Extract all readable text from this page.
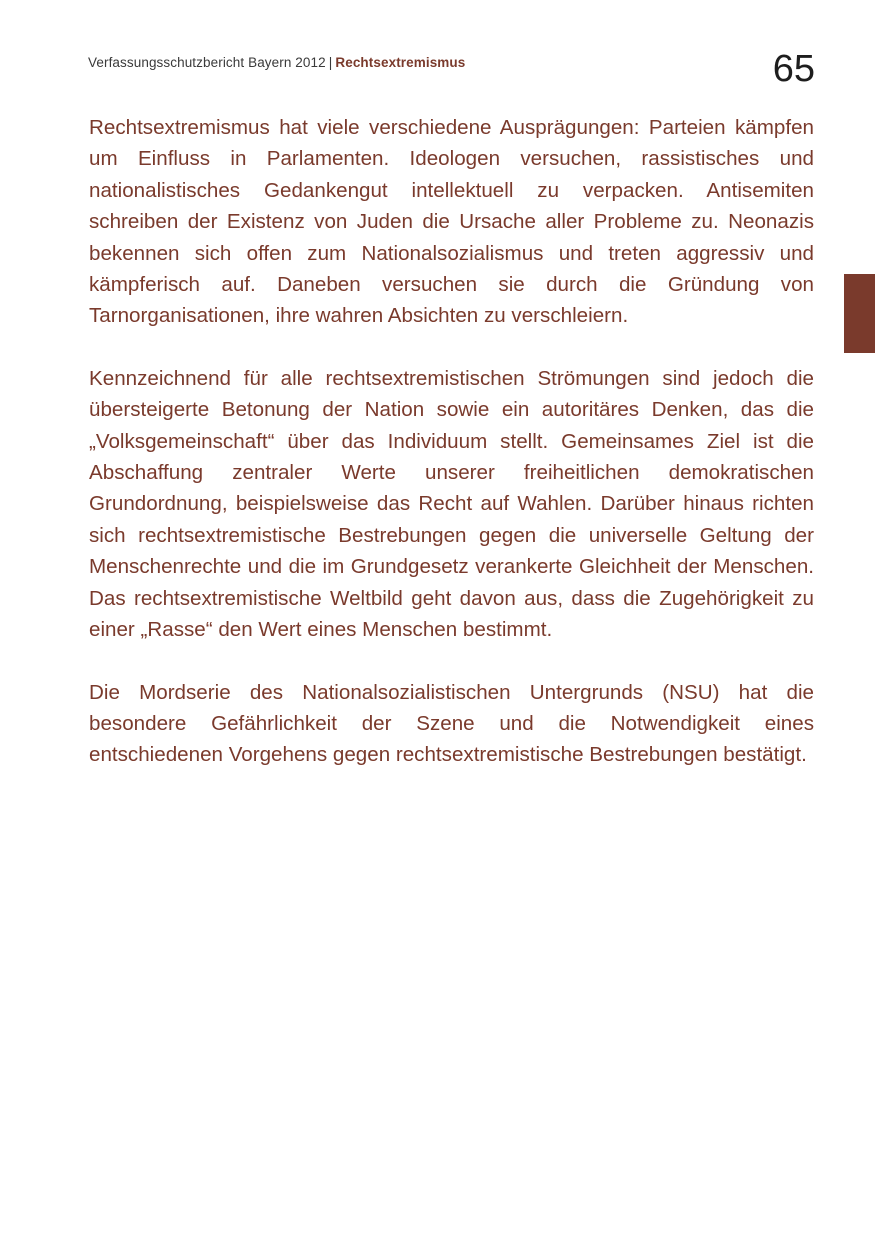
Verfassungsschutzbericht Bayern 2012 | Rechtsextremismus	65

Rechtsextremismus hat viele verschiedene Ausprägungen: Parteien kämpfen um Einfluss in Parlamenten. Ideologen versuchen, rassistisches und nationalistisches Gedankengut intellektuell zu verpacken. Antisemiten schreiben der Existenz von Juden die Ursache aller Probleme zu. Neonazis bekennen sich offen zum Nationalsozialismus und treten aggressiv und kämpferisch auf. Daneben versuchen sie durch die Gründung von Tarnorganisationen, ihre wahren Absichten zu verschleiern.

Kennzeichnend für alle rechtsextremistischen Strömungen sind jedoch die übersteigerte Betonung der Nation sowie ein autoritäres Denken, das die „Volksgemeinschaft“ über das Individuum stellt. Gemeinsames Ziel ist die Abschaffung zentraler Werte unserer freiheitlichen demokratischen Grundordnung, beispielsweise das Recht auf Wahlen. Darüber hinaus richten sich rechtsextremistische Bestrebungen gegen die universelle Geltung der Menschenrechte und die im Grundgesetz verankerte Gleichheit der Menschen. Das rechtsextremistische Weltbild geht davon aus, dass die Zugehörigkeit zu einer „Rasse“ den Wert eines Menschen bestimmt.

Die Mordserie des Nationalsozialistischen Untergrunds (NSU) hat die besondere Gefährlichkeit der Szene und die Notwendigkeit eines entschiedenen Vorgehens gegen rechtsextremistische Bestrebungen bestätigt.
